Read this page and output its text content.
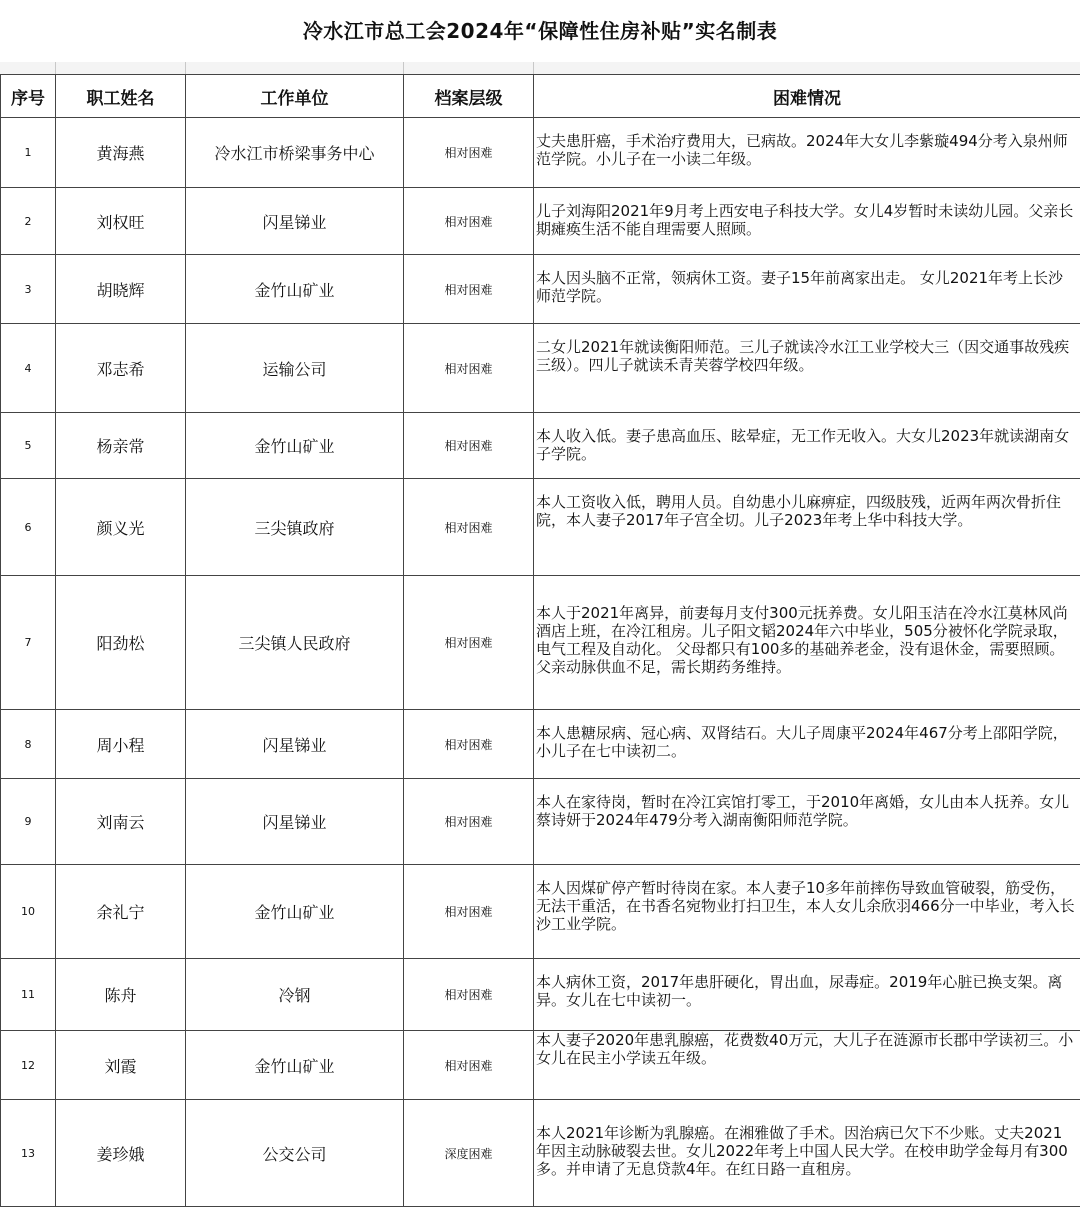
冷水江市总工会2024年“保障性住房补贴”实名制表
序号	职工姓名	工作单位	档案层级	困难情况
1	黄海燕	冷水江市桥梁事务中心	相对困难	丈夫患肝癌，手术治疗费用大，已病故。2024年大女儿李紫璇494分考入泉州师范学院。小儿子在一小读二年级。

2	刘权旺	闪星锑业	相对困难	儿子刘海阳2021年9月考上西安电子科技大学。女儿4岁暂时未读幼儿园。父亲长期瘫痪生活不能自理需要人照顾。

3	胡晓辉	金竹山矿业	相对困难	本人因头脑不正常，领病休工资。妻子15年前离家出走。 女儿2021年考上长沙师范学院。

4	邓志希	运输公司	相对困难	二女儿2021年就读衡阳师范。三儿子就读冷水江工业学校大三（因交通事故残疾三级）。四儿子就读禾青芙蓉学校四年级。

5	杨亲常	金竹山矿业	相对困难	本人收入低。妻子患高血压、眩晕症，无工作无收入。大女儿2023年就读湖南女子学院。

6	颜义光	三尖镇政府	相对困难	本人工资收入低，聘用人员。自幼患小儿麻痹症，四级肢残，近两年两次骨折住院，本人妻子2017年子宫全切。儿子2023年考上华中科技大学。

7	阳劲松	三尖镇人民政府	相对困难	本人于2021年离异，前妻每月支付300元抚养费。女儿阳玉洁在冷水江莫林风尚酒店上班，在冷江租房。儿子阳文韬2024年六中毕业，505分被怀化学院录取，电气工程及自动化。 父母都只有100多的基础养老金，没有退休金，需要照顾。父亲动脉供血不足，需长期药务维持。

8	周小程	闪星锑业	相对困难	本人患糖尿病、冠心病、双肾结石。大儿子周康平2024年467分考上邵阳学院，小儿子在七中读初二。

9	刘南云	闪星锑业	相对困难	本人在家待岗，暂时在冷江宾馆打零工，于2010年离婚，女儿由本人抚养。女儿蔡诗妍于2024年479分考入湖南衡阳师范学院。

10	余礼宁	金竹山矿业	相对困难	本人因煤矿停产暂时待岗在家。本人妻子10多年前摔伤导致血管破裂，筋受伤，无法干重活，在书香名宛物业打扫卫生，本人女儿余欣羽466分一中毕业，考入长沙工业学院。

11	陈舟	冷钢	相对困难	本人病休工资，2017年患肝硬化，胃出血，尿毒症。2019年心脏已换支架。离异。女儿在七中读初一。

12	刘霞	金竹山矿业	相对困难	本人妻子2020年患乳腺癌，花费数40万元，大儿子在涟源市长郡中学读初三。小女儿在民主小学读五年级。

13	姜珍娥	公交公司	深度困难	本人2021年诊断为乳腺癌。在湘雅做了手术。因治病已欠下不少账。丈夫2021年因主动脉破裂去世。女儿2022年考上中国人民大学。在校申助学金每月有300多。并申请了无息贷款4年。在红日路一直租房。
